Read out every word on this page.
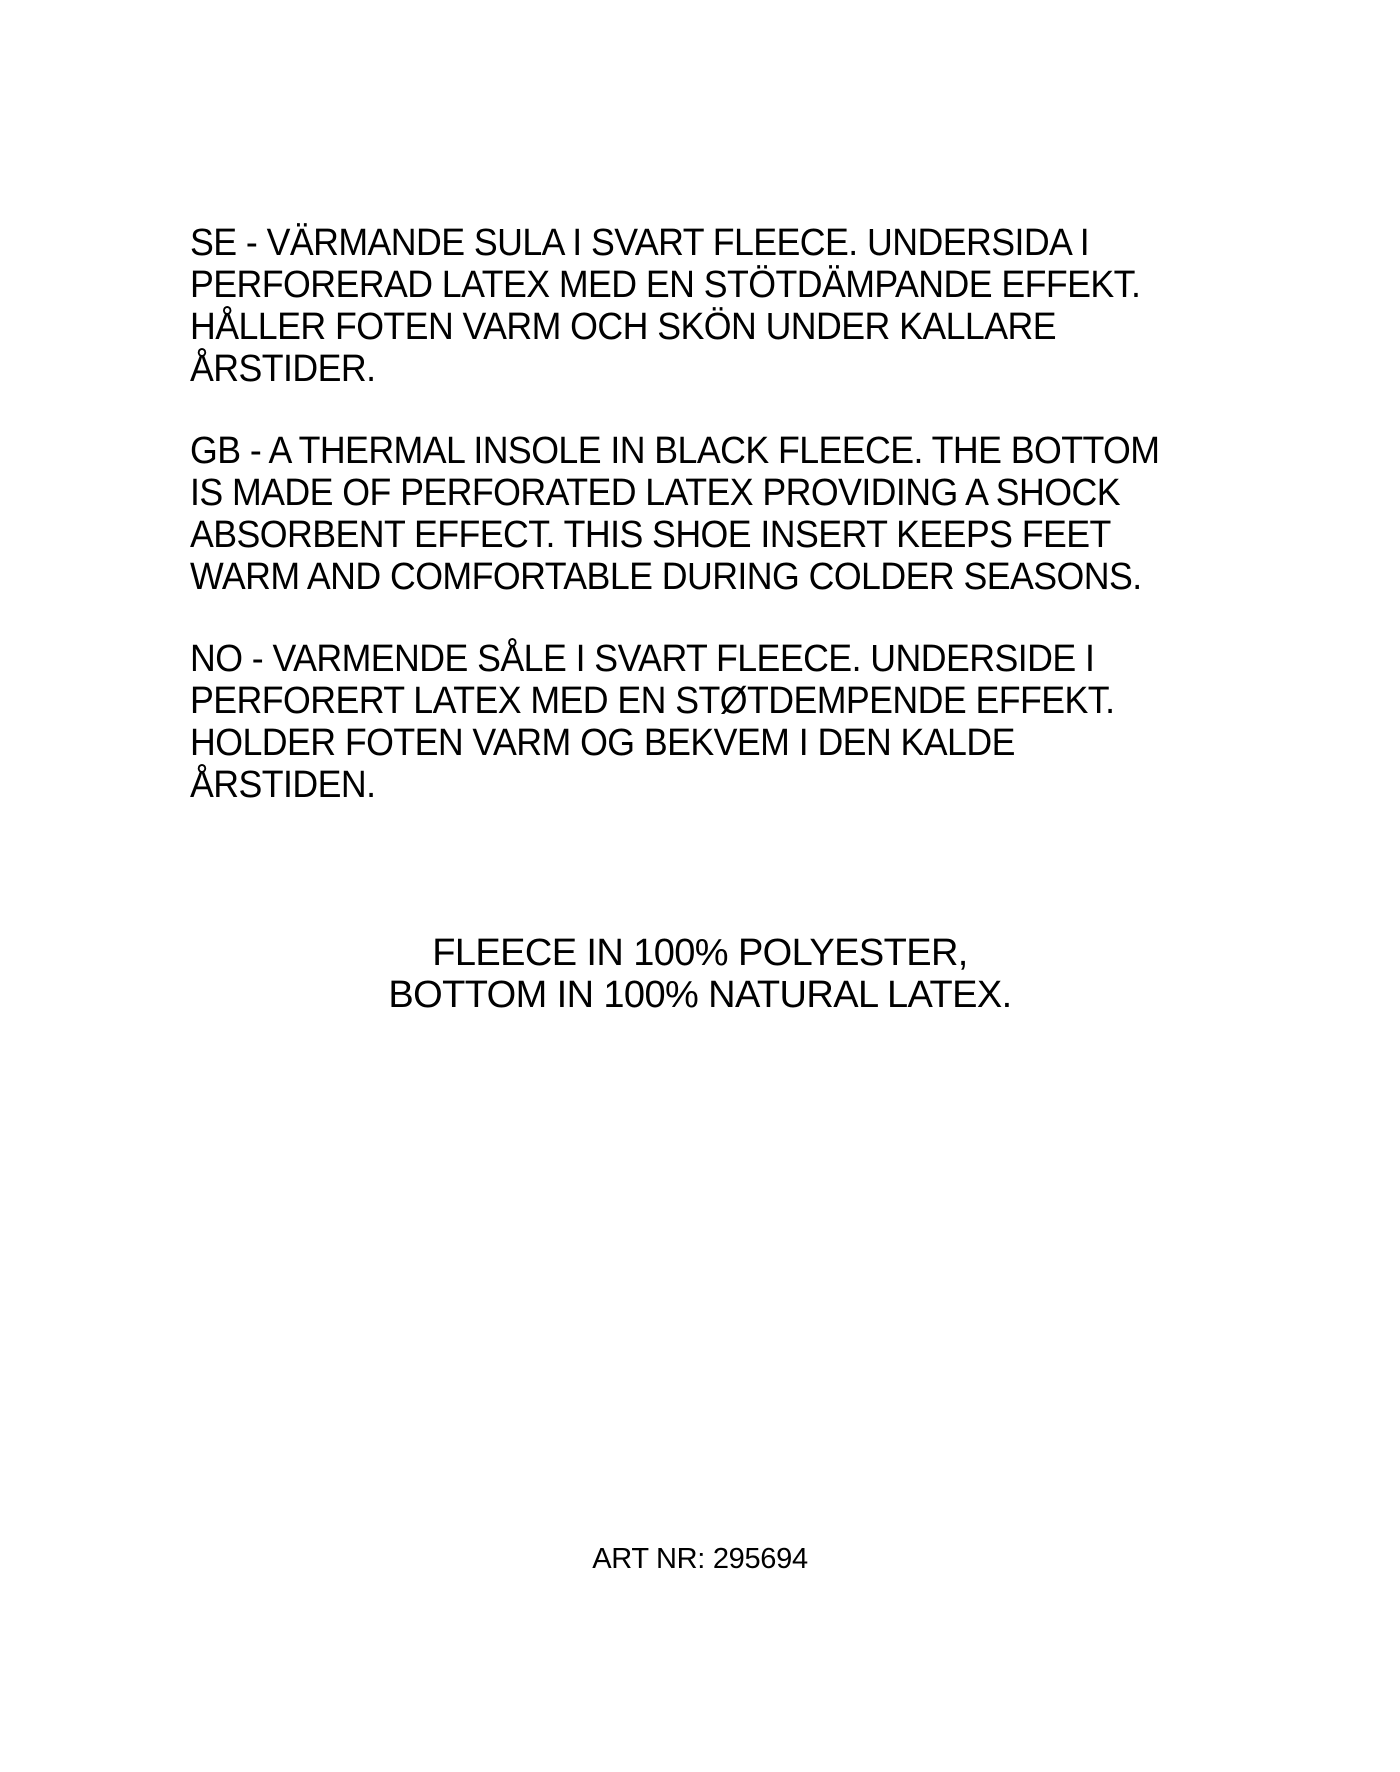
SE - VÄRMANDE SULA I SVART FLEECE. UNDERSIDA I
PERFORERAD LATEX MED EN STÖTDÄMPANDE EFFEKT.
HÅLLER FOTEN VARM OCH SKÖN UNDER KALLARE
ÅRSTIDER.
GB - A THERMAL INSOLE IN BLACK FLEECE. THE BOTTOM
IS MADE OF PERFORATED LATEX PROVIDING A SHOCK
ABSORBENT EFFECT. THIS SHOE INSERT KEEPS FEET
WARM AND COMFORTABLE DURING COLDER SEASONS.
NO - VARMENDE SÅLE I SVART FLEECE. UNDERSIDE I
PERFORERT LATEX MED EN STØTDEMPENDE EFFEKT.
HOLDER FOTEN VARM OG BEKVEM I DEN KALDE
ÅRSTIDEN.
FLEECE IN 100% POLYESTER,
BOTTOM IN 100% NATURAL LATEX.
ART NR: 295694
